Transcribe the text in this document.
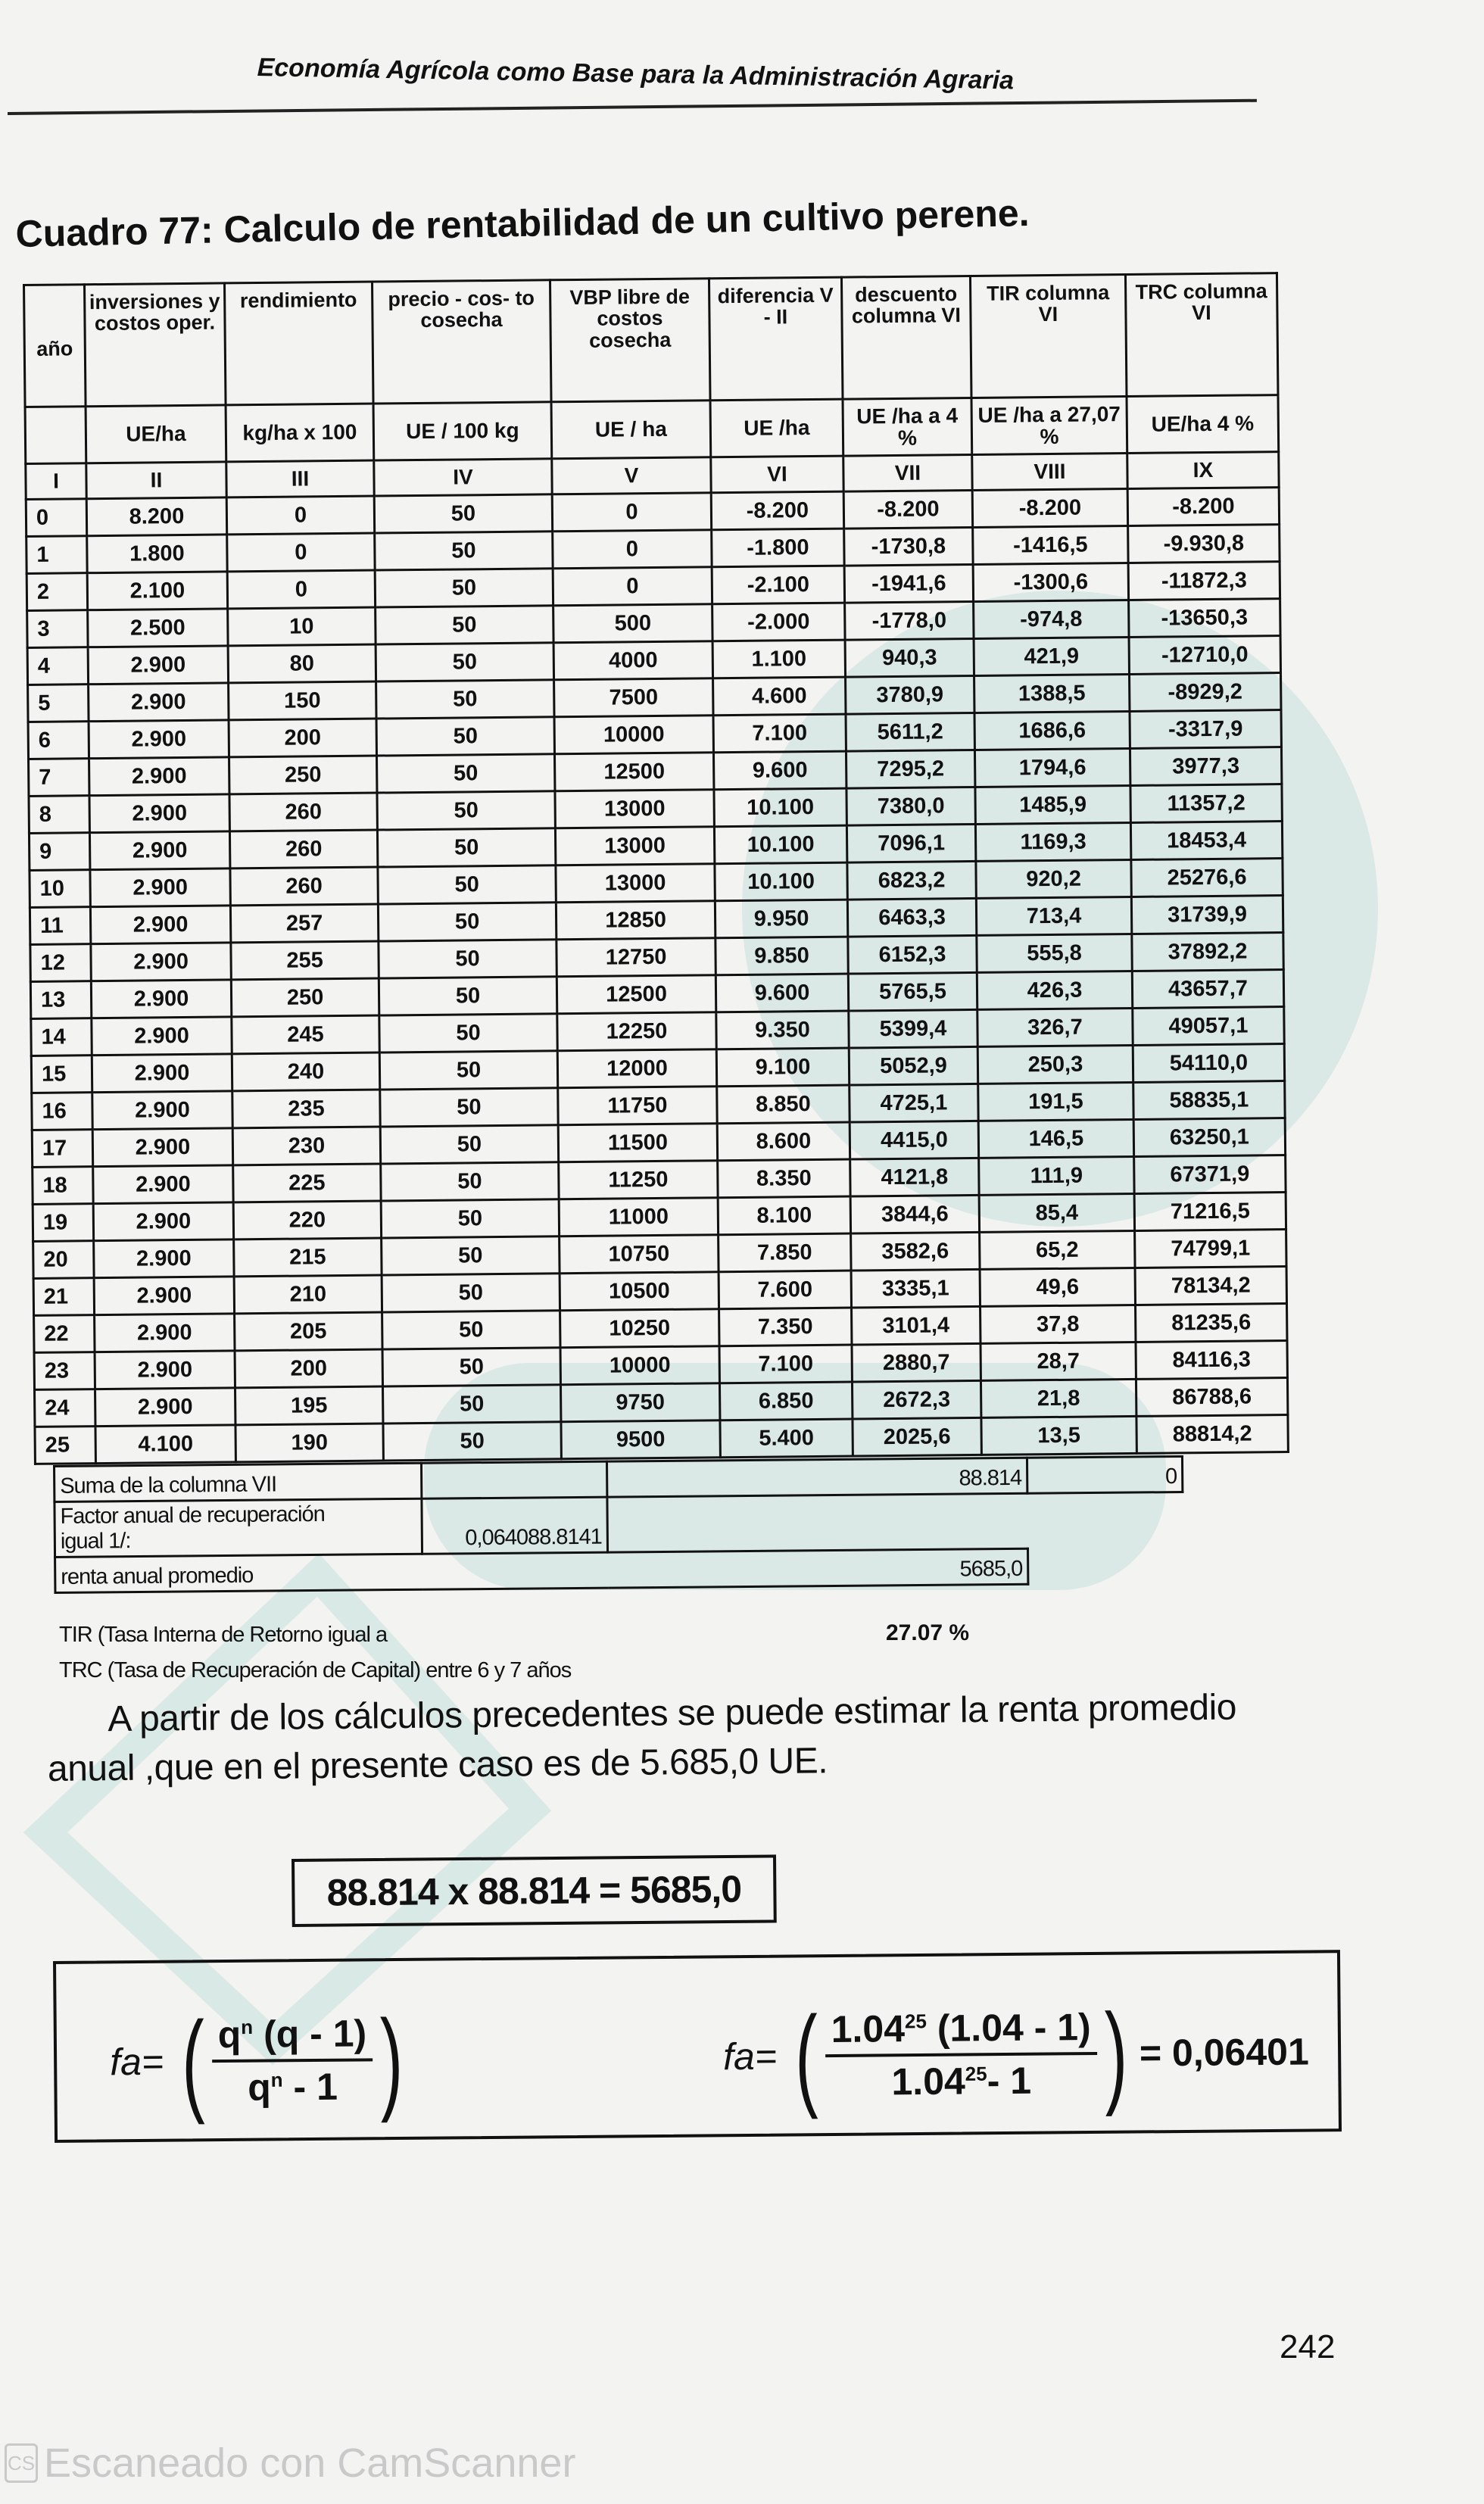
Economía Agrícola como Base para la Administración Agraria
Cuadro 77: Calculo de rentabilidad de un cultivo perene.
año	inversiones y costos oper.	rendimiento	precio - cos- to cosecha	VBP libre de costos cosecha	diferencia V - II	descuento columna VI	TIR columna VI	TRC columna VI
	UE/ha	kg/ha x 100	UE / 100 kg	UE / ha	UE /ha	UE /ha a 4 %	UE /ha a 27,07 %	UE/ha 4 %
I	II	III	IV	V	VI	VII	VIII	IX
0	8.200	0	50	0	-8.200	-8.200	-8.200	-8.200
1	1.800	0	50	0	-1.800	-1730,8	-1416,5	-9.930,8
2	2.100	0	50	0	-2.100	-1941,6	-1300,6	-11872,3
3	2.500	10	50	500	-2.000	-1778,0	-974,8	-13650,3
4	2.900	80	50	4000	1.100	940,3	421,9	-12710,0
5	2.900	150	50	7500	4.600	3780,9	1388,5	-8929,2
6	2.900	200	50	10000	7.100	5611,2	1686,6	-3317,9
7	2.900	250	50	12500	9.600	7295,2	1794,6	3977,3
8	2.900	260	50	13000	10.100	7380,0	1485,9	11357,2
9	2.900	260	50	13000	10.100	7096,1	1169,3	18453,4
10	2.900	260	50	13000	10.100	6823,2	920,2	25276,6
11	2.900	257	50	12850	9.950	6463,3	713,4	31739,9
12	2.900	255	50	12750	9.850	6152,3	555,8	37892,2
13	2.900	250	50	12500	9.600	5765,5	426,3	43657,7
14	2.900	245	50	12250	9.350	5399,4	326,7	49057,1
15	2.900	240	50	12000	9.100	5052,9	250,3	54110,0
16	2.900	235	50	11750	8.850	4725,1	191,5	58835,1
17	2.900	230	50	11500	8.600	4415,0	146,5	63250,1
18	2.900	225	50	11250	8.350	4121,8	111,9	67371,9
19	2.900	220	50	11000	8.100	3844,6	85,4	71216,5
20	2.900	215	50	10750	7.850	3582,6	65,2	74799,1
21	2.900	210	50	10500	7.600	3335,1	49,6	78134,2
22	2.900	205	50	10250	7.350	3101,4	37,8	81235,6
23	2.900	200	50	10000	7.100	2880,7	28,7	84116,3
24	2.900	195	50	9750	6.850	2672,3	21,8	86788,6
25	4.100	190	50	9500	5.400	2025,6	13,5	88814,2
Suma de la columna VII		88.814	0
Factor anual de recuperación
igual 1/:	0,064088.8141		
renta anual promedio		5685,0	
TIR (Tasa Interna de Retorno igual a	27.07 %
TRC (Tasa de Recuperación de Capital) entre 6 y 7 años
A partir de los cálculos precedentes se puede estimar la renta promedio
anual ,que en el presente caso es de 5.685,0 UE.
88.814 x 88.814 = 5685,0
fa= ( $\frac{q^n (q - 1)}{q^n - 1}$ )	fa= ( $\frac{1.04^{25} (1.04 - 1)}{1.04^{25}- 1}$ ) = 0,06401
242
CS Escaneado con CamScanner
